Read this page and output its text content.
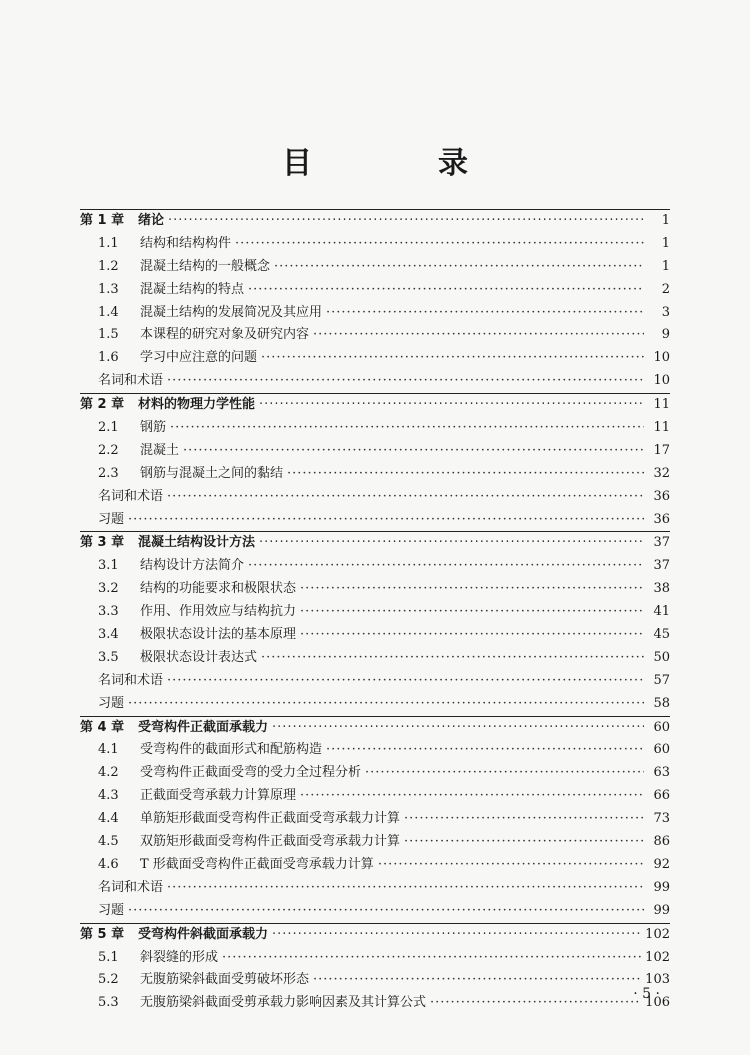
目　录
第 1 章	绪论 ·····	1
1.1	结构和结构构件 ·····	1
1.2	混凝土结构的一般概念 ·····	1
1.3	混凝土结构的特点 ·····	2
1.4	混凝土结构的发展简况及其应用 ·····	3
1.5	本课程的研究对象及研究内容 ·····	9
1.6	学习中应注意的问题 ·····	10
名词和术语 ·····	10
第 2 章	材料的物理力学性能 ·····	11
2.1	钢筋 ·····	11
2.2	混凝土 ·····	17
2.3	钢筋与混凝土之间的黏结 ·····	32
名词和术语 ·····	36
习题 ·····	36
第 3 章	混凝土结构设计方法 ·····	37
3.1	结构设计方法简介 ·····	37
3.2	结构的功能要求和极限状态 ·····	38
3.3	作用、作用效应与结构抗力 ·····	41
3.4	极限状态设计法的基本原理 ·····	45
3.5	极限状态设计表达式 ·····	50
名词和术语 ·····	57
习题 ·····	58
第 4 章	受弯构件正截面承载力 ·····	60
4.1	受弯构件的截面形式和配筋构造 ·····	60
4.2	受弯构件正截面受弯的受力全过程分析 ·····	63
4.3	正截面受弯承载力计算原理 ·····	66
4.4	单筋矩形截面受弯构件正截面受弯承载力计算 ·····	73
4.5	双筋矩形截面受弯构件正截面受弯承载力计算 ·····	86
4.6	T 形截面受弯构件正截面受弯承载力计算 ·····	92
名词和术语 ·····	99
习题 ·····	99
第 5 章	受弯构件斜截面承载力 ·····	102
5.1	斜裂缝的形成 ·····	102
5.2	无腹筋梁斜截面受剪破坏形态 ·····	103
5.3	无腹筋梁斜截面受剪承载力影响因素及其计算公式 ·····	106
· 5 ·
